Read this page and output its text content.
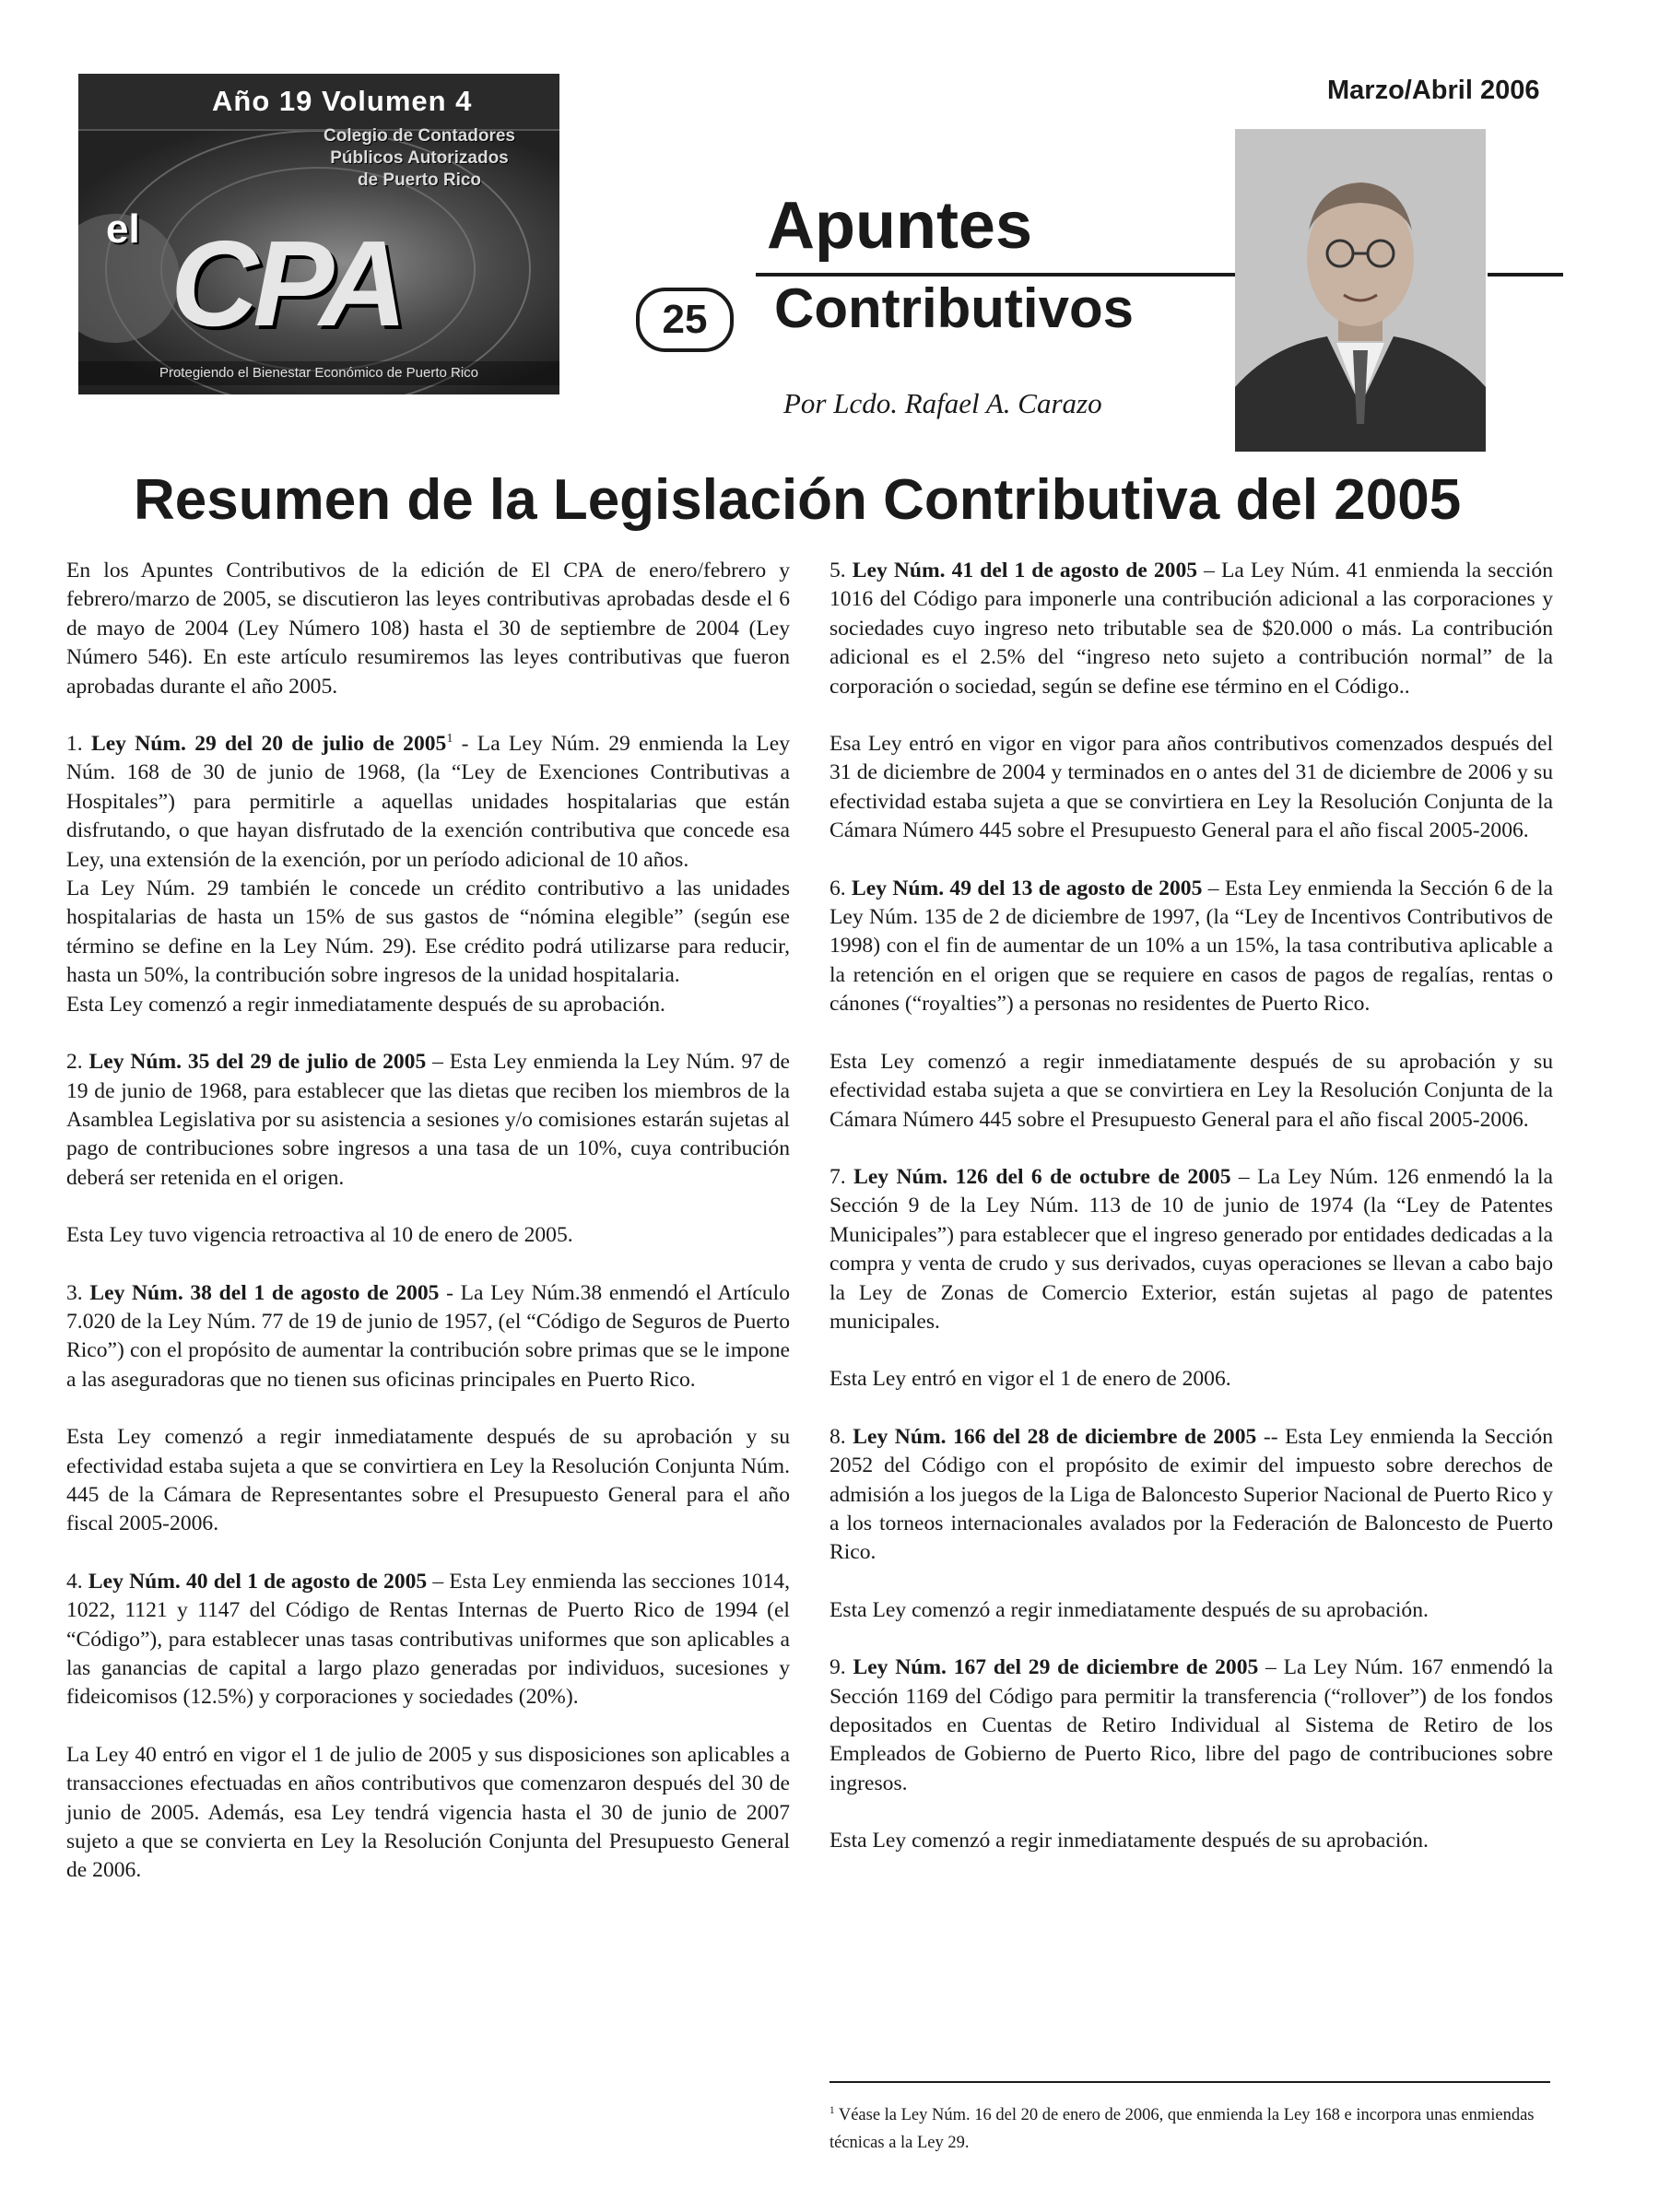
Año 19 Volumen 4
Colegio de Contadores
Públicos Autorizados
de Puerto Rico
el CPA
Protegiendo el Bienestar Económico de Puerto Rico
Marzo/Abril 2006
25
Apuntes
Contributivos
Por Lcdo. Rafael A. Carazo
Resumen de la Legislación Contributiva del 2005

En los Apuntes Contributivos de la edición de El CPA de enero/febrero y febrero/marzo de 2005, se discutieron las leyes contributivas aprobadas desde el 6 de mayo de 2004 (Ley Número 108) hasta el 30 de septiembre de 2004 (Ley Número 546). En este artículo resumiremos las leyes contributivas que fueron aprobadas durante el año 2005.

1. Ley Núm. 29 del 20 de julio de 2005$^1$ - La Ley Núm. 29 enmienda la Ley Núm. 168 de 30 de junio de 1968, (la “Ley de Exenciones Contributivas a Hospitales”) para permitirle a aquellas unidades hospitalarias que están disfrutando, o que hayan disfrutado de la exención contributiva que concede esa Ley, una extensión de la exención, por un período adicional de 10 años.

La Ley Núm. 29 también le concede un crédito contributivo a las unidades hospitalarias de hasta un 15% de sus gastos de “nómina elegible” (según ese término se define en la Ley Núm. 29). Ese crédito podrá utilizarse para reducir, hasta un 50%, la contribución sobre ingresos de la unidad hospitalaria.

Esta Ley comenzó a regir inmediatamente después de su aprobación.

2. Ley Núm. 35 del 29 de julio de 2005 – Esta Ley enmienda la Ley Núm. 97 de 19 de junio de 1968, para establecer que las dietas que reciben los miembros de la Asamblea Legislativa por su asistencia a sesiones y/o comisiones estarán sujetas al pago de contribuciones sobre ingresos a una tasa de un 10%, cuya contribución deberá ser retenida en el origen.

Esta Ley tuvo vigencia retroactiva al 10 de enero de 2005.

3. Ley Núm. 38 del 1 de agosto de 2005 - La Ley Núm.38 enmendó el Artículo 7.020 de la Ley Núm. 77 de 19 de junio de 1957, (el “Código de Seguros de Puerto Rico”) con el propósito de aumentar la contribución sobre primas que se le impone a las aseguradoras que no tienen sus oficinas principales en Puerto Rico.

Esta Ley comenzó a regir inmediatamente después de su aprobación y su efectividad estaba sujeta a que se convirtiera en Ley la Resolución Conjunta Núm. 445 de la Cámara de Representantes sobre el Presupuesto General para el año fiscal 2005-2006.

4. Ley Núm. 40 del 1 de agosto de 2005 – Esta Ley enmienda las secciones 1014, 1022, 1121 y 1147 del Código de Rentas Internas de Puerto Rico de 1994 (el “Código”), para establecer unas tasas contributivas uniformes que son aplicables a las ganancias de capital a largo plazo generadas por individuos, sucesiones y fideicomisos (12.5%) y corporaciones y sociedades (20%).

La Ley 40 entró en vigor el 1 de julio de 2005 y sus disposiciones son aplicables a transacciones efectuadas en años contributivos que comenzaron después del 30 de junio de 2005. Además, esa Ley tendrá vigencia hasta el 30 de junio de 2007 sujeto a que se convierta en Ley la Resolución Conjunta del Presupuesto General de 2006.

5. Ley Núm. 41 del 1 de agosto de 2005 – La Ley Núm. 41 enmienda la sección 1016 del Código para imponerle una contribución adicional a las corporaciones y sociedades cuyo ingreso neto tributable sea de $20.000 o más. La contribución adicional es el 2.5% del “ingreso neto sujeto a contribución normal” de la corporación o sociedad, según se define ese término en el Código..

Esa Ley entró en vigor en vigor para años contributivos comenzados después del 31 de diciembre de 2004 y terminados en o antes del 31 de diciembre de 2006 y su efectividad estaba sujeta a que se convirtiera en Ley la Resolución Conjunta de la Cámara Número 445 sobre el Presupuesto General para el año fiscal 2005-2006.

6. Ley Núm. 49 del 13 de agosto de 2005 – Esta Ley enmienda la Sección 6 de la Ley Núm. 135 de 2 de diciembre de 1997, (la “Ley de Incentivos Contributivos de 1998) con el fin de aumentar de un 10% a un 15%, la tasa contributiva aplicable a la retención en el origen que se requiere en casos de pagos de regalías, rentas o cánones (“royalties”) a personas no residentes de Puerto Rico.

Esta Ley comenzó a regir inmediatamente después de su aprobación y su efectividad estaba sujeta a que se convirtiera en Ley la Resolución Conjunta de la Cámara Número 445 sobre el Presupuesto General para el año fiscal 2005-2006.

7. Ley Núm. 126 del 6 de octubre de 2005 – La Ley Núm. 126 enmendó la la Sección 9 de la Ley Núm. 113 de 10 de junio de 1974 (la “Ley de Patentes Municipales”) para establecer que el ingreso generado por entidades dedicadas a la compra y venta de crudo y sus derivados, cuyas operaciones se llevan a cabo bajo la Ley de Zonas de Comercio Exterior, están sujetas al pago de patentes municipales.

Esta Ley entró en vigor el 1 de enero de 2006.

8. Ley Núm. 166 del 28 de diciembre de 2005 -- Esta Ley enmienda la Sección 2052 del Código con el propósito de eximir del impuesto sobre derechos de admisión a los juegos de la Liga de Baloncesto Superior Nacional de Puerto Rico y a los torneos internacionales avalados por la Federación de Baloncesto de Puerto Rico.

Esta Ley comenzó a regir inmediatamente después de su aprobación.

9. Ley Núm. 167 del 29 de diciembre de 2005 – La Ley Núm. 167 enmendó la Sección 1169 del Código para permitir la transferencia (“rollover”) de los fondos depositados en Cuentas de Retiro Individual al Sistema de Retiro de los Empleados de Gobierno de Puerto Rico, libre del pago de contribuciones sobre ingresos.

Esta Ley comenzó a regir inmediatamente después de su aprobación.

$^1$ Véase la Ley Núm. 16 del 20 de enero de 2006, que enmienda la Ley 168 e incorpora unas enmiendas técnicas a la Ley 29.
